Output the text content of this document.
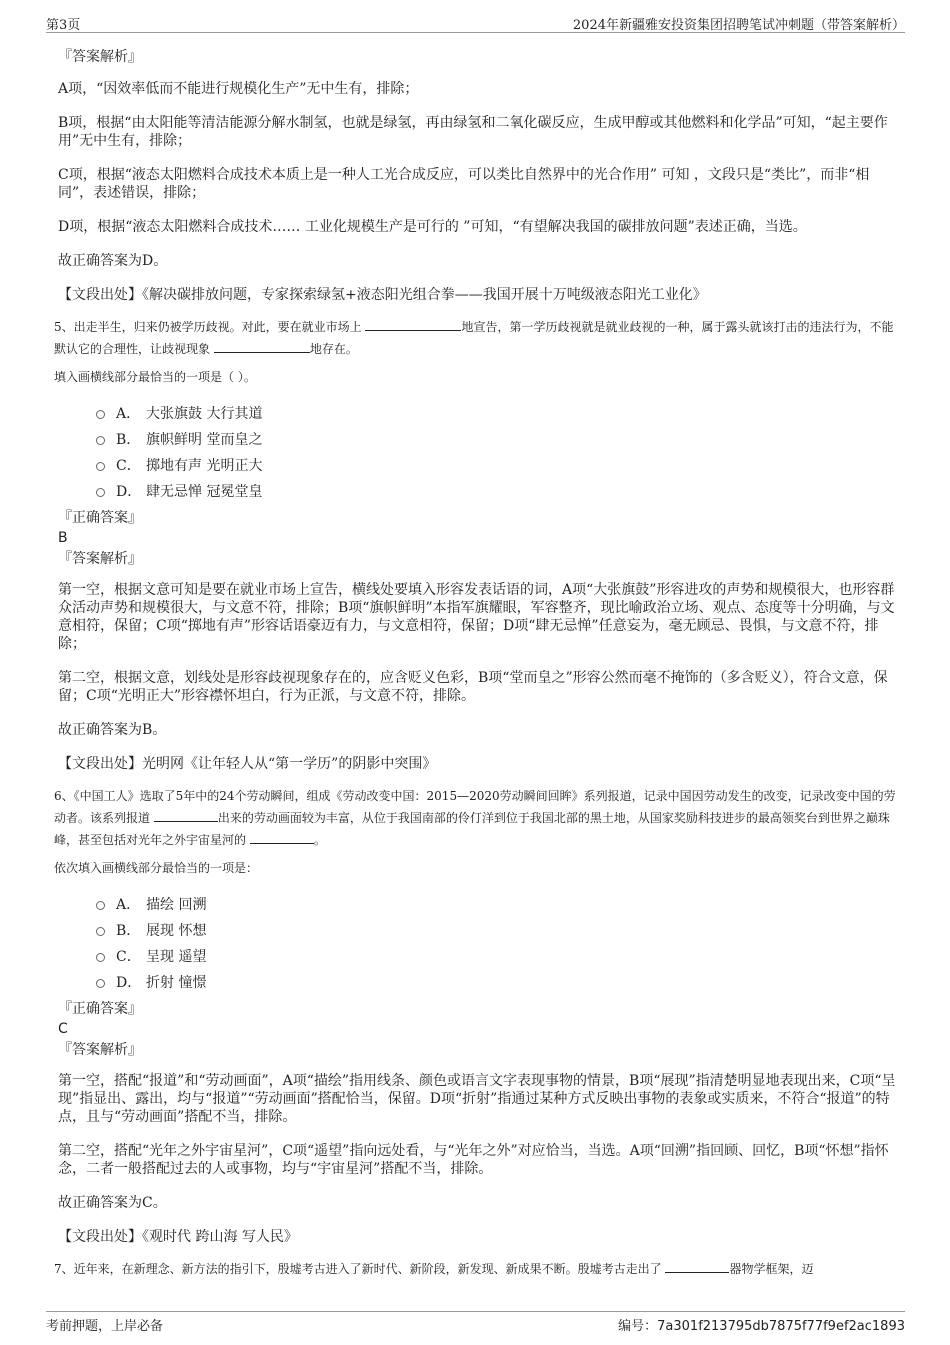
第3页	2024年新疆雅安投资集团招聘笔试冲刺题（带答案解析）

『答案解析』

A项，“因效率低而不能进行规模化生产”无中生有，排除；

B项，根据“由太阳能等清洁能源分解水制氢，也就是绿氢，再由绿氢和二氧化碳反应，生成甲醇或其他燃料和化学品”可知，“起主要作用”无中生有，排除；

C项，根据“液态太阳燃料合成技术本质上是一种人工光合成反应，可以类比自然界中的光合作用” 可知 ，文段只是“类比”，而非“相同”，表述错误，排除；

D项，根据“液态太阳燃料合成技术…… 工业化规模生产是可行的 ”可知，“有望解决我国的碳排放问题”表述正确，当选。

故正确答案为D。

【文段出处】《解决碳排放问题，专家探索绿氢+液态阳光组合拳——我国开展十万吨级液态阳光工业化》

5、出走半生，归来仍被学历歧视。对此，要在就业市场上	地宣告，第一学历歧视就是就业歧视的一种，属于露头就该打击的违法行为，不能默认它的合理性，让歧视现象	地存在。

填入画横线部分最恰当的一项是（ ）。

A． 大张旗鼓 大行其道
B． 旗帜鲜明 堂而皇之
C． 掷地有声 光明正大
D． 肆无忌惮 冠冕堂皇

『正确答案』

B

『答案解析』

第一空，根据文意可知是要在就业市场上宣告，横线处要填入形容发表话语的词，A项“大张旗鼓”形容进攻的声势和规模很大，也形容群众活动声势和规模很大，与文意不符，排除；B项“旗帜鲜明”本指军旗耀眼，军容整齐，现比喻政治立场、观点、态度等十分明确，与文意相符，保留；C项“掷地有声”形容话语豪迈有力，与文意相符，保留；D项“肆无忌惮”任意妄为，毫无顾忌、畏惧，与文意不符，排除；

第二空，根据文意，划线处是形容歧视现象存在的，应含贬义色彩，B项“堂而皇之”形容公然而毫不掩饰的（多含贬义），符合文意，保留；C项“光明正大”形容襟怀坦白，行为正派，与文意不符，排除。

故正确答案为B。

【文段出处】光明网《让年轻人从“第一学历”的阴影中突围》

6、《中国工人》选取了5年中的24个劳动瞬间，组成《劳动改变中国：2015—2020劳动瞬间回眸》系列报道，记录中国因劳动发生的改变，记录改变中国的劳动者。该系列报道	出来的劳动画面较为丰富，从位于我国南部的伶仃洋到位于我国北部的黑土地，从国家奖励科技进步的最高领奖台到世界之巅珠峰，甚至包括对光年之外宇宙星河的	。

依次填入画横线部分最恰当的一项是：

A． 描绘 回溯
B． 展现 怀想
C． 呈现 遥望
D． 折射 憧憬

『正确答案』

C

『答案解析』

第一空，搭配“报道”和“劳动画面”，A项“描绘”指用线条、颜色或语言文字表现事物的情景，B项“展现”指清楚明显地表现出来，C项“呈现”指显出、露出，均与“报道”“劳动画面”搭配恰当，保留。D项“折射”指通过某种方式反映出事物的表象或实质来，不符合“报道”的特点，且与“劳动画面”搭配不当，排除。

第二空，搭配“光年之外宇宙星河”，C项“遥望”指向远处看，与“光年之外”对应恰当，当选。A项“回溯”指回顾、回忆，B项“怀想”指怀念，二者一般搭配过去的人或事物，均与“宇宙星河”搭配不当，排除。

故正确答案为C。

【文段出处】《观时代 跨山海 写人民》

7、近年来，在新理念、新方法的指引下，殷墟考古进入了新时代、新阶段，新发现、新成果不断。殷墟考古走出了	器物学框架，迈

考前押题，上岸必备	编号：7a301f213795db7875f77f9ef2ac1893
